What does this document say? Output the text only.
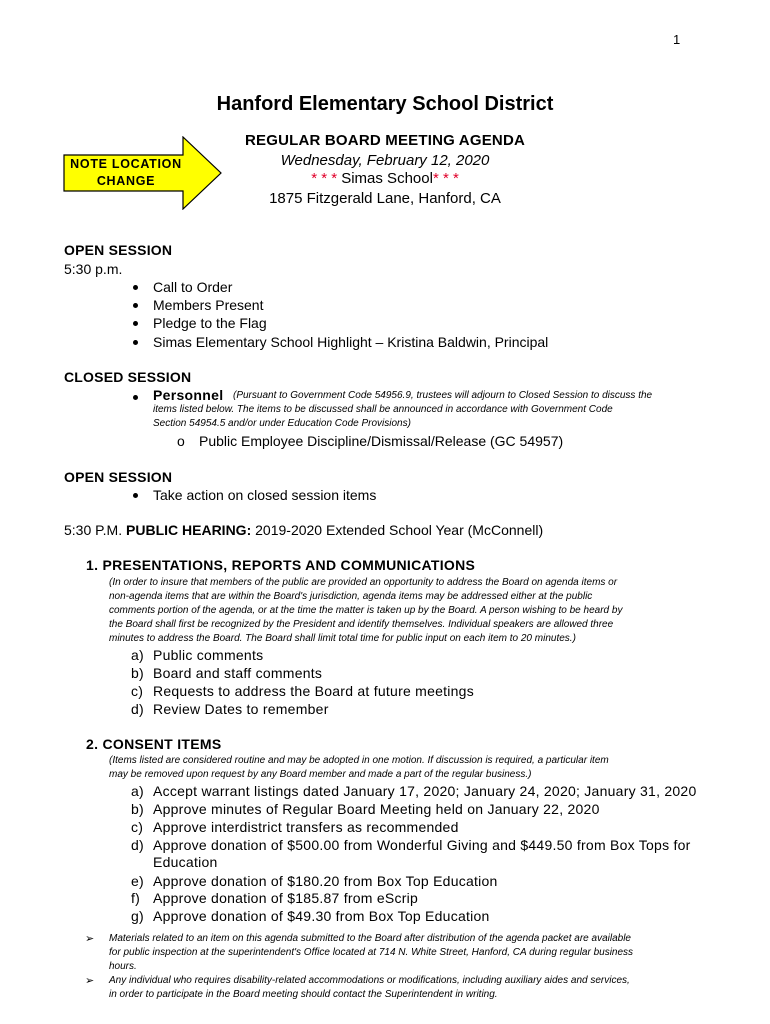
1
Hanford Elementary School District
REGULAR BOARD MEETING AGENDA
Wednesday, February 12, 2020
* * * Simas School* * *
1875 Fitzgerald Lane, Hanford, CA
NOTE LOCATION
CHANGE
OPEN SESSION
5:30 p.m.
Call to Order
Members Present
Pledge to the Flag
Simas Elementary School Highlight – Kristina Baldwin, Principal
CLOSED SESSION
Personnel (Pursuant to Government Code 54956.9, trustees will adjourn to Closed Session to discuss the
items listed below. The items to be discussed shall be announced in accordance with Government Code
Section 54954.5 and/or under Education Code Provisions)
o Public Employee Discipline/Dismissal/Release (GC 54957)
OPEN SESSION
Take action on closed session items
5:30 P.M. PUBLIC HEARING: 2019-2020 Extended School Year (McConnell)
1. PRESENTATIONS, REPORTS AND COMMUNICATIONS
(In order to insure that members of the public are provided an opportunity to address the Board on agenda items or
non-agenda items that are within the Board's jurisdiction, agenda items may be addressed either at the public
comments portion of the agenda, or at the time the matter is taken up by the Board. A person wishing to be heard by
the Board shall first be recognized by the President and identify themselves. Individual speakers are allowed three
minutes to address the Board. The Board shall limit total time for public input on each item to 20 minutes.)
a) Public comments
b) Board and staff comments
c) Requests to address the Board at future meetings
d) Review Dates to remember
2. CONSENT ITEMS
(Items listed are considered routine and may be adopted in one motion. If discussion is required, a particular item
may be removed upon request by any Board member and made a part of the regular business.)
a) Accept warrant listings dated January 17, 2020; January 24, 2020; January 31, 2020
b) Approve minutes of Regular Board Meeting held on January 22, 2020
c) Approve interdistrict transfers as recommended
d) Approve donation of $500.00 from Wonderful Giving and $449.50 from Box Tops for
Education
e) Approve donation of $180.20 from Box Top Education
f) Approve donation of $185.87 from eScrip
g) Approve donation of $49.30 from Box Top Education
➢ Materials related to an item on this agenda submitted to the Board after distribution of the agenda packet are available
for public inspection at the superintendent's Office located at 714 N. White Street, Hanford, CA during regular business
hours.
➢ Any individual who requires disability-related accommodations or modifications, including auxiliary aides and services,
in order to participate in the Board meeting should contact the Superintendent in writing.
